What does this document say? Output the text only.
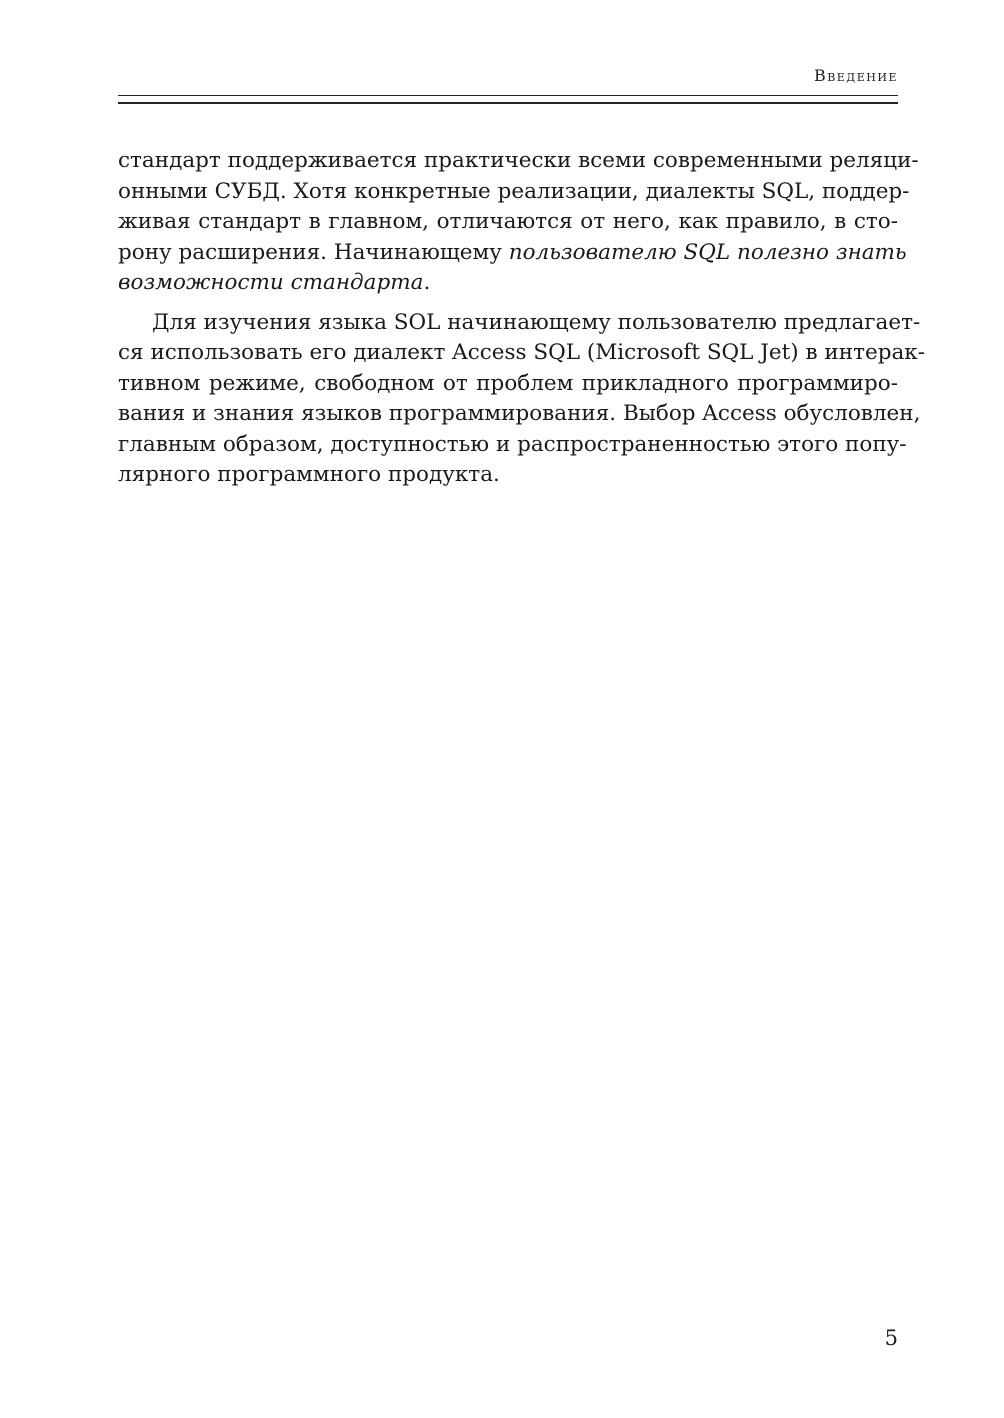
Введение
стандарт поддерживается практически всеми современными реляци-
онными СУБД. Хотя конкретные реализации, диалекты SQL, поддер-
живая стандарт в главном, отличаются от него, как правило, в сто-
рону расширения. Начинающему пользователю SQL полезно знать
возможности стандарта.
Для изучения языка SOL начинающему пользователю предлагает-
ся использовать его диалект Access SQL (Microsoft SQL Jet) в интерак-
тивном режиме, свободном от проблем прикладного программиро-
вания и знания языков программирования. Выбор Access обусловлен,
главным образом, доступностью и распространенностью этого попу-
лярного программного продукта.
5
